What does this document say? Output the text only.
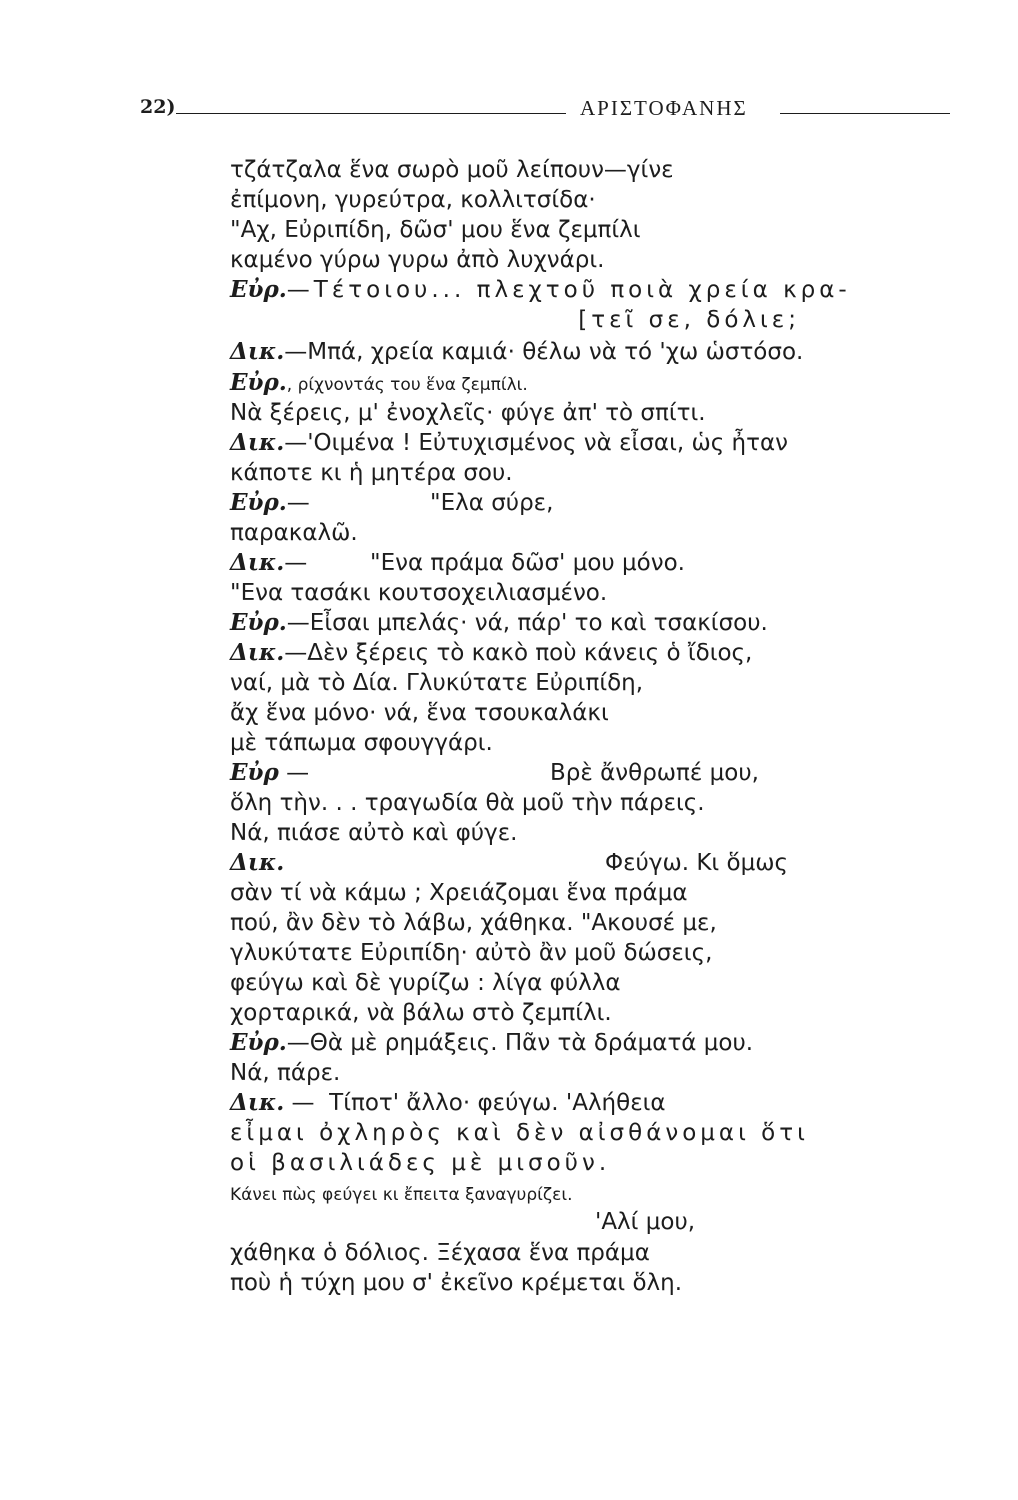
22)	ΑΡΙΣΤΟΦΑΝΗΣ
τζάτζαλα ἕνα σωρὸ μοῦ λείπουν—γίνε
ἐπίμονη, γυρεύτρα, κολλιτσίδα·
"Αχ, Εὐριπίδη, δῶσ' μου ἕνα ζεμπίλι
καμένο γύρω γυρω ἀπὸ λυχνάρι.
Εὐρ.—Τέτοιου... πλεχτοῦ ποιὰ χρεία κρα-
[τεῖ σε, δόλιε;
Δικ.—Μπά, χρεία καμιά· θέλω νὰ τό 'χω ὡστόσο.
Εὐρ., ρίχνοντάς του ἕνα ζεμπίλι.
Νὰ ξέρεις, μ' ἐνοχλεῖς· φύγε ἀπ' τὸ σπίτι.
Δικ.—'Οιμένα ! Εὐτυχισμένος νὰ εἶσαι, ὡς ἦταν
κάποτε κι ἡ μητέρα σου.
Εὐρ.—	"Ελα σύρε,
παρακαλῶ.
Δικ.—	"Ενα πράμα δῶσ' μου μόνο.
"Ενα τασάκι κουτσοχειλιασμένο.
Εὐρ.—Εἶσαι μπελάς· νά, πάρ' το καὶ τσακίσου.
Δικ.—Δὲν ξέρεις τὸ κακὸ ποὺ κάνεις ὁ ἴδιος,
ναί, μὰ τὸ Δία. Γλυκύτατε Εὐριπίδη,
ἄχ ἕνα μόνο· νά, ἕνα τσουκαλάκι
μὲ τάπωμα σφουγγάρι.
Εὐρ —	Βρὲ ἄνθρωπέ μου,
ὅλη τὴν. . . τραγωδία θὰ μοῦ τὴν πάρεις.
Νά, πιάσε αὐτὸ καὶ φύγε.
Δικ.	Φεύγω. Κι ὅμως
σὰν τί νὰ κάμω ; Χρειάζομαι ἕνα πράμα
πού, ἂν δὲν τὸ λάβω, χάθηκα. "Ακουσέ με,
γλυκύτατε Εὐριπίδη· αὐτὸ ἂν μοῦ δώσεις,
φεύγω καὶ δὲ γυρίζω : λίγα φύλλα
χορταρικά, νὰ βάλω στὸ ζεμπίλι.
Εὐρ.—Θὰ μὲ ρημάξεις. Πᾶν τὰ δράματά μου.
Νά, πάρε.
Δικ. —  Τίποτ' ἄλλο· φεύγω. 'Αλήθεια
εἶμαι ὀχληρὸς καὶ δὲν αἰσθάνομαι ὅτι
οἱ βασιλιάδες μὲ μισοῦν.
Κάνει πὼς φεύγει κι ἔπειτα ξαναγυρίζει.
'Αλί μου,
χάθηκα ὁ δόλιος. Ξέχασα ἕνα πράμα
ποὺ ἡ τύχη μου σ' ἐκεῖνο κρέμεται ὅλη.
